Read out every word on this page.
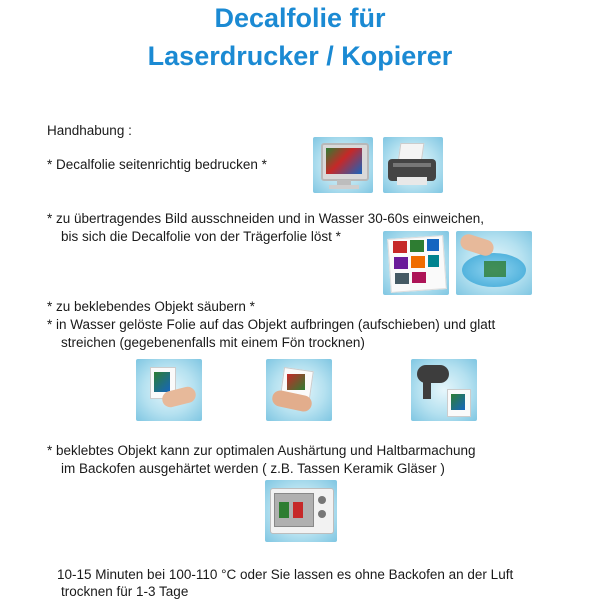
Decalfolie für
Laserdrucker / Kopierer
Handhabung :
* Decalfolie seitenrichtig bedrucken *
* zu übertragendes Bild ausschneiden und in Wasser 30-60s einweichen,
bis sich die Decalfolie von der Trägerfolie löst *
* zu beklebendes Objekt säubern *
* in Wasser gelöste Folie auf das Objekt aufbringen (aufschieben) und glatt
streichen (gegebenenfalls mit einem Fön trocknen)
* beklebtes Objekt kann zur optimalen Aushärtung und Haltbarmachung
im Backofen ausgehärtet werden ( z.B. Tassen Keramik Gläser )
10-15 Minuten bei 100-110 °C oder Sie lassen es ohne Backofen an der Luft
trocknen für 1-3 Tage
